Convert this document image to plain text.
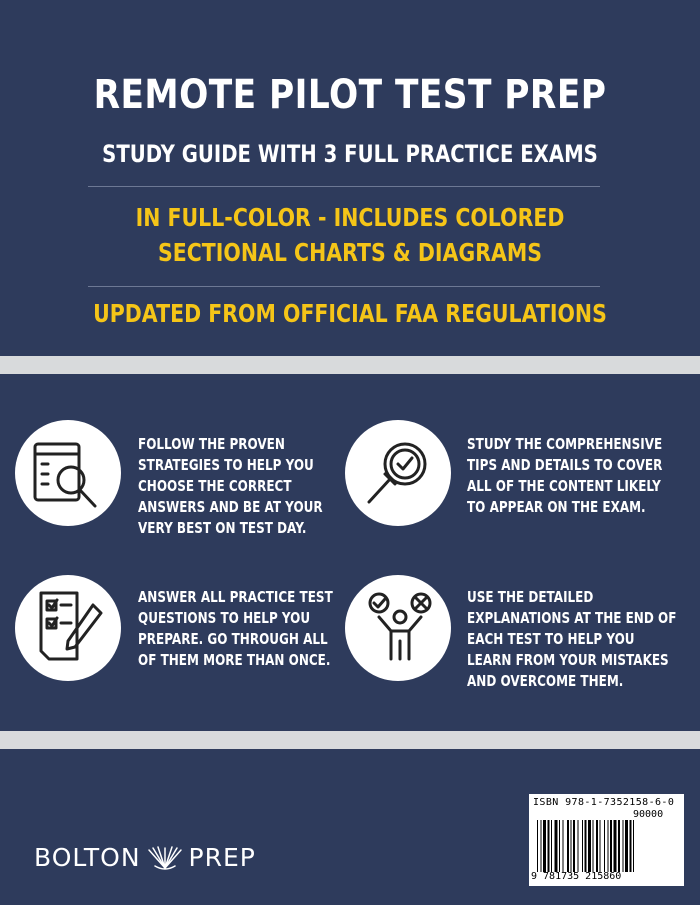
REMOTE PILOT TEST PREP
STUDY GUIDE WITH 3 FULL PRACTICE EXAMS
IN FULL-COLOR - INCLUDES COLORED
SECTIONAL CHARTS & DIAGRAMS
UPDATED FROM OFFICIAL FAA REGULATIONS
FOLLOW THE PROVEN
STRATEGIES TO HELP YOU
CHOOSE THE CORRECT
ANSWERS AND BE AT YOUR
VERY BEST ON TEST DAY.
STUDY THE COMPREHENSIVE
TIPS AND DETAILS TO COVER
ALL OF THE CONTENT LIKELY
TO APPEAR ON THE EXAM.
ANSWER ALL PRACTICE TEST
QUESTIONS TO HELP YOU
PREPARE. GO THROUGH ALL
OF THEM MORE THAN ONCE.
USE THE DETAILED
EXPLANATIONS AT THE END OF
EACH TEST TO HELP YOU
LEARN FROM YOUR MISTAKES
AND OVERCOME THEM.
BOLTON PREP
ISBN 978-1-7352158-6-0
90000
9 781735 215860
